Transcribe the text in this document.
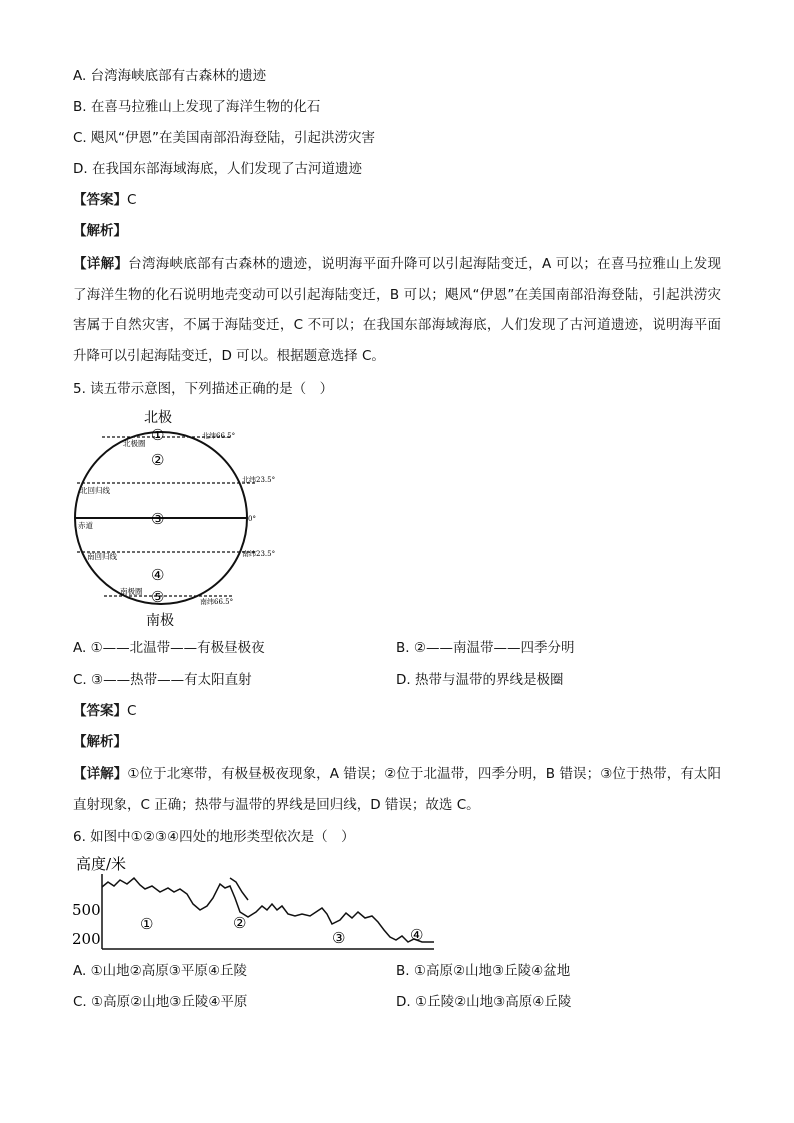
A. 台湾海峡底部有古森林的遗迹
B. 在喜马拉雅山上发现了海洋生物的化石
C. 飓风“伊恩”在美国南部沿海登陆，引起洪涝灾害
D. 在我国东部海域海底，人们发现了古河道遗迹
【答案】C
【解析】
【详解】台湾海峡底部有古森林的遗迹，说明海平面升降可以引起海陆变迁，A 可以；在喜马拉雅山上发现了海洋生物的化石说明地壳变动可以引起海陆变迁，B 可以；飓风“伊恩”在美国南部沿海登陆，引起洪涝灾害属于自然灾害，不属于海陆变迁，C 不可以；在我国东部海域海底，人们发现了古河道遗迹，说明海平面升降可以引起海陆变迁，D 可以。根据题意选择 C。
5. 读五带示意图，下列描述正确的是（　）
北极
南极
北极圈
北回归线
赤道
南回归线
南极圈
北纬66.5°
北纬23.5°
0°
南纬23.5°
南纬66.5°
①
②
③
④
⑤
A. ①——北温带——有极昼极夜	B. ②——南温带——四季分明
C. ③——热带——有太阳直射	D. 热带与温带的界线是极圈
【答案】C
【解析】
【详解】①位于北寒带，有极昼极夜现象，A 错误；②位于北温带，四季分明，B 错误；③位于热带，有太阳直射现象，C 正确；热带与温带的界线是回归线，D 错误；故选 C。
6. 如图中①②③④四处的地形类型依次是（　）
高度/米
500
200
①	②
③	④
A. ①山地②高原③平原④丘陵	B. ①高原②山地③丘陵④盆地
C. ①高原②山地③丘陵④平原	D. ①丘陵②山地③高原④丘陵
